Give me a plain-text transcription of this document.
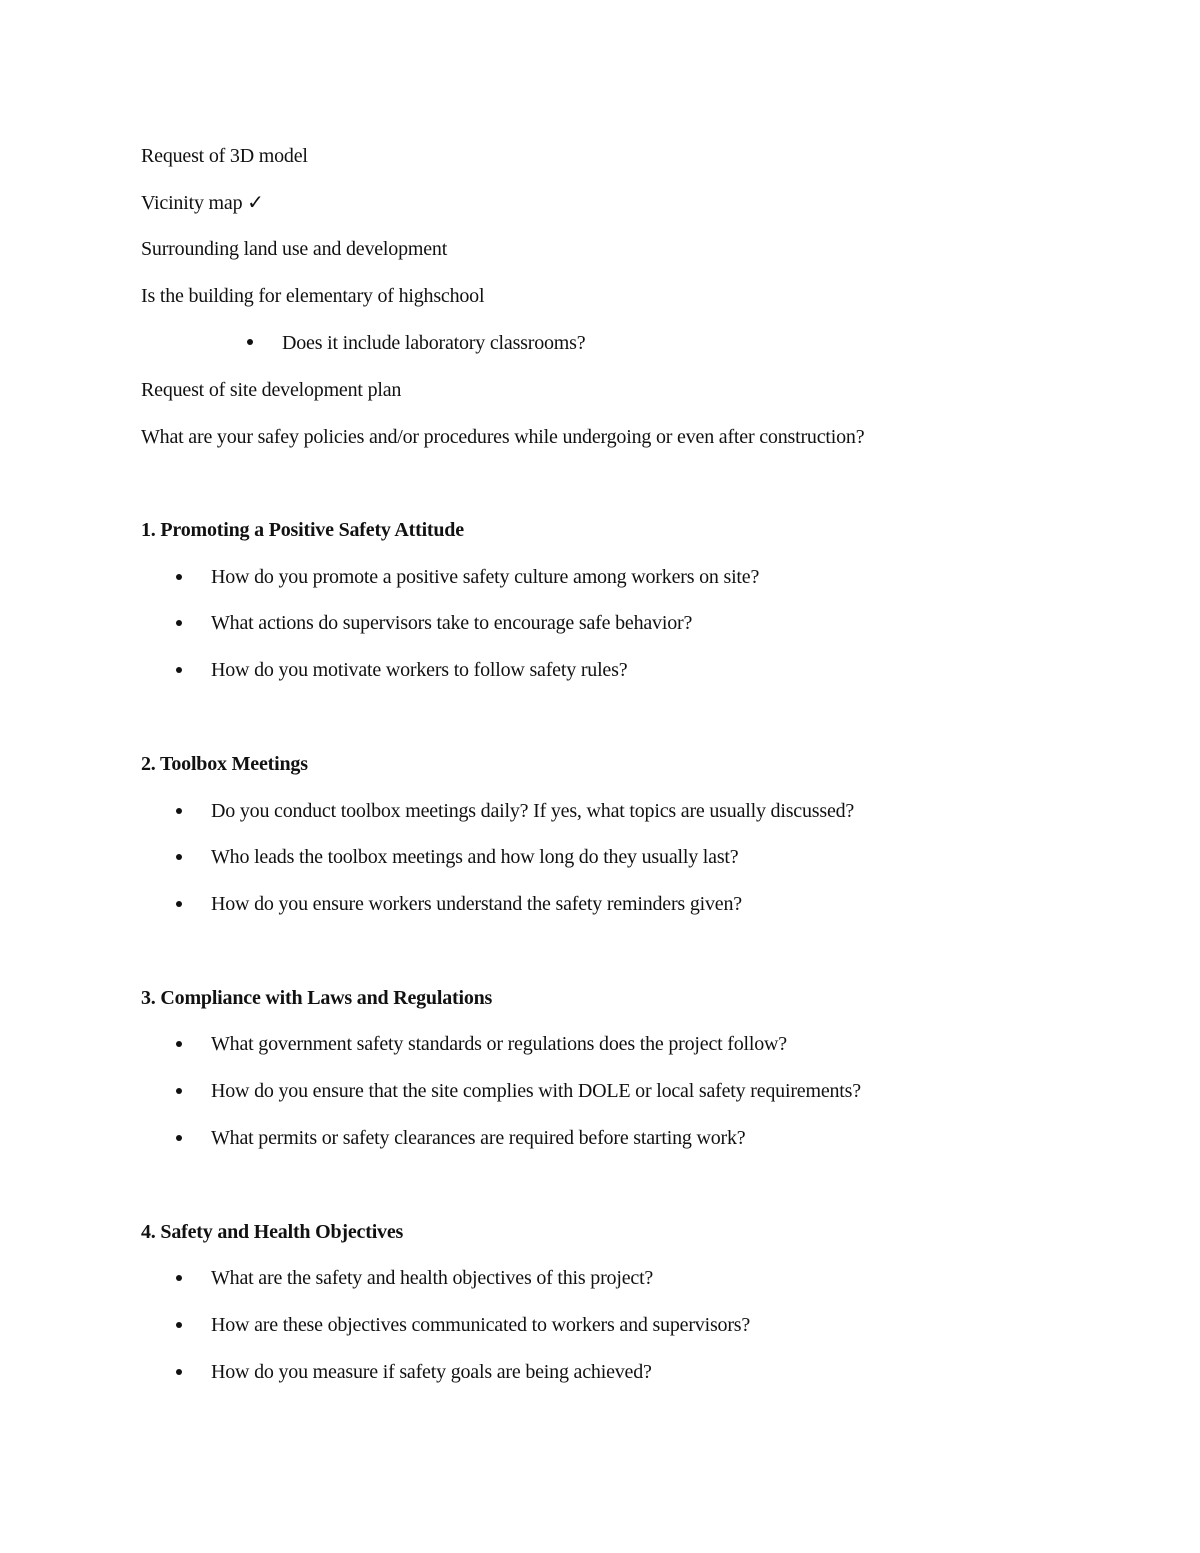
Request of 3D model
Vicinity map ✓
Surrounding land use and development
Is the building for elementary of highschool
Does it include laboratory classrooms?
Request of site development plan
What are your safey policies and/or procedures while undergoing or even after construction?
1. Promoting a Positive Safety Attitude
How do you promote a positive safety culture among workers on site?
What actions do supervisors take to encourage safe behavior?
How do you motivate workers to follow safety rules?
2. Toolbox Meetings
Do you conduct toolbox meetings daily? If yes, what topics are usually discussed?
Who leads the toolbox meetings and how long do they usually last?
How do you ensure workers understand the safety reminders given?
3. Compliance with Laws and Regulations
What government safety standards or regulations does the project follow?
How do you ensure that the site complies with DOLE or local safety requirements?
What permits or safety clearances are required before starting work?
4. Safety and Health Objectives
What are the safety and health objectives of this project?
How are these objectives communicated to workers and supervisors?
How do you measure if safety goals are being achieved?
